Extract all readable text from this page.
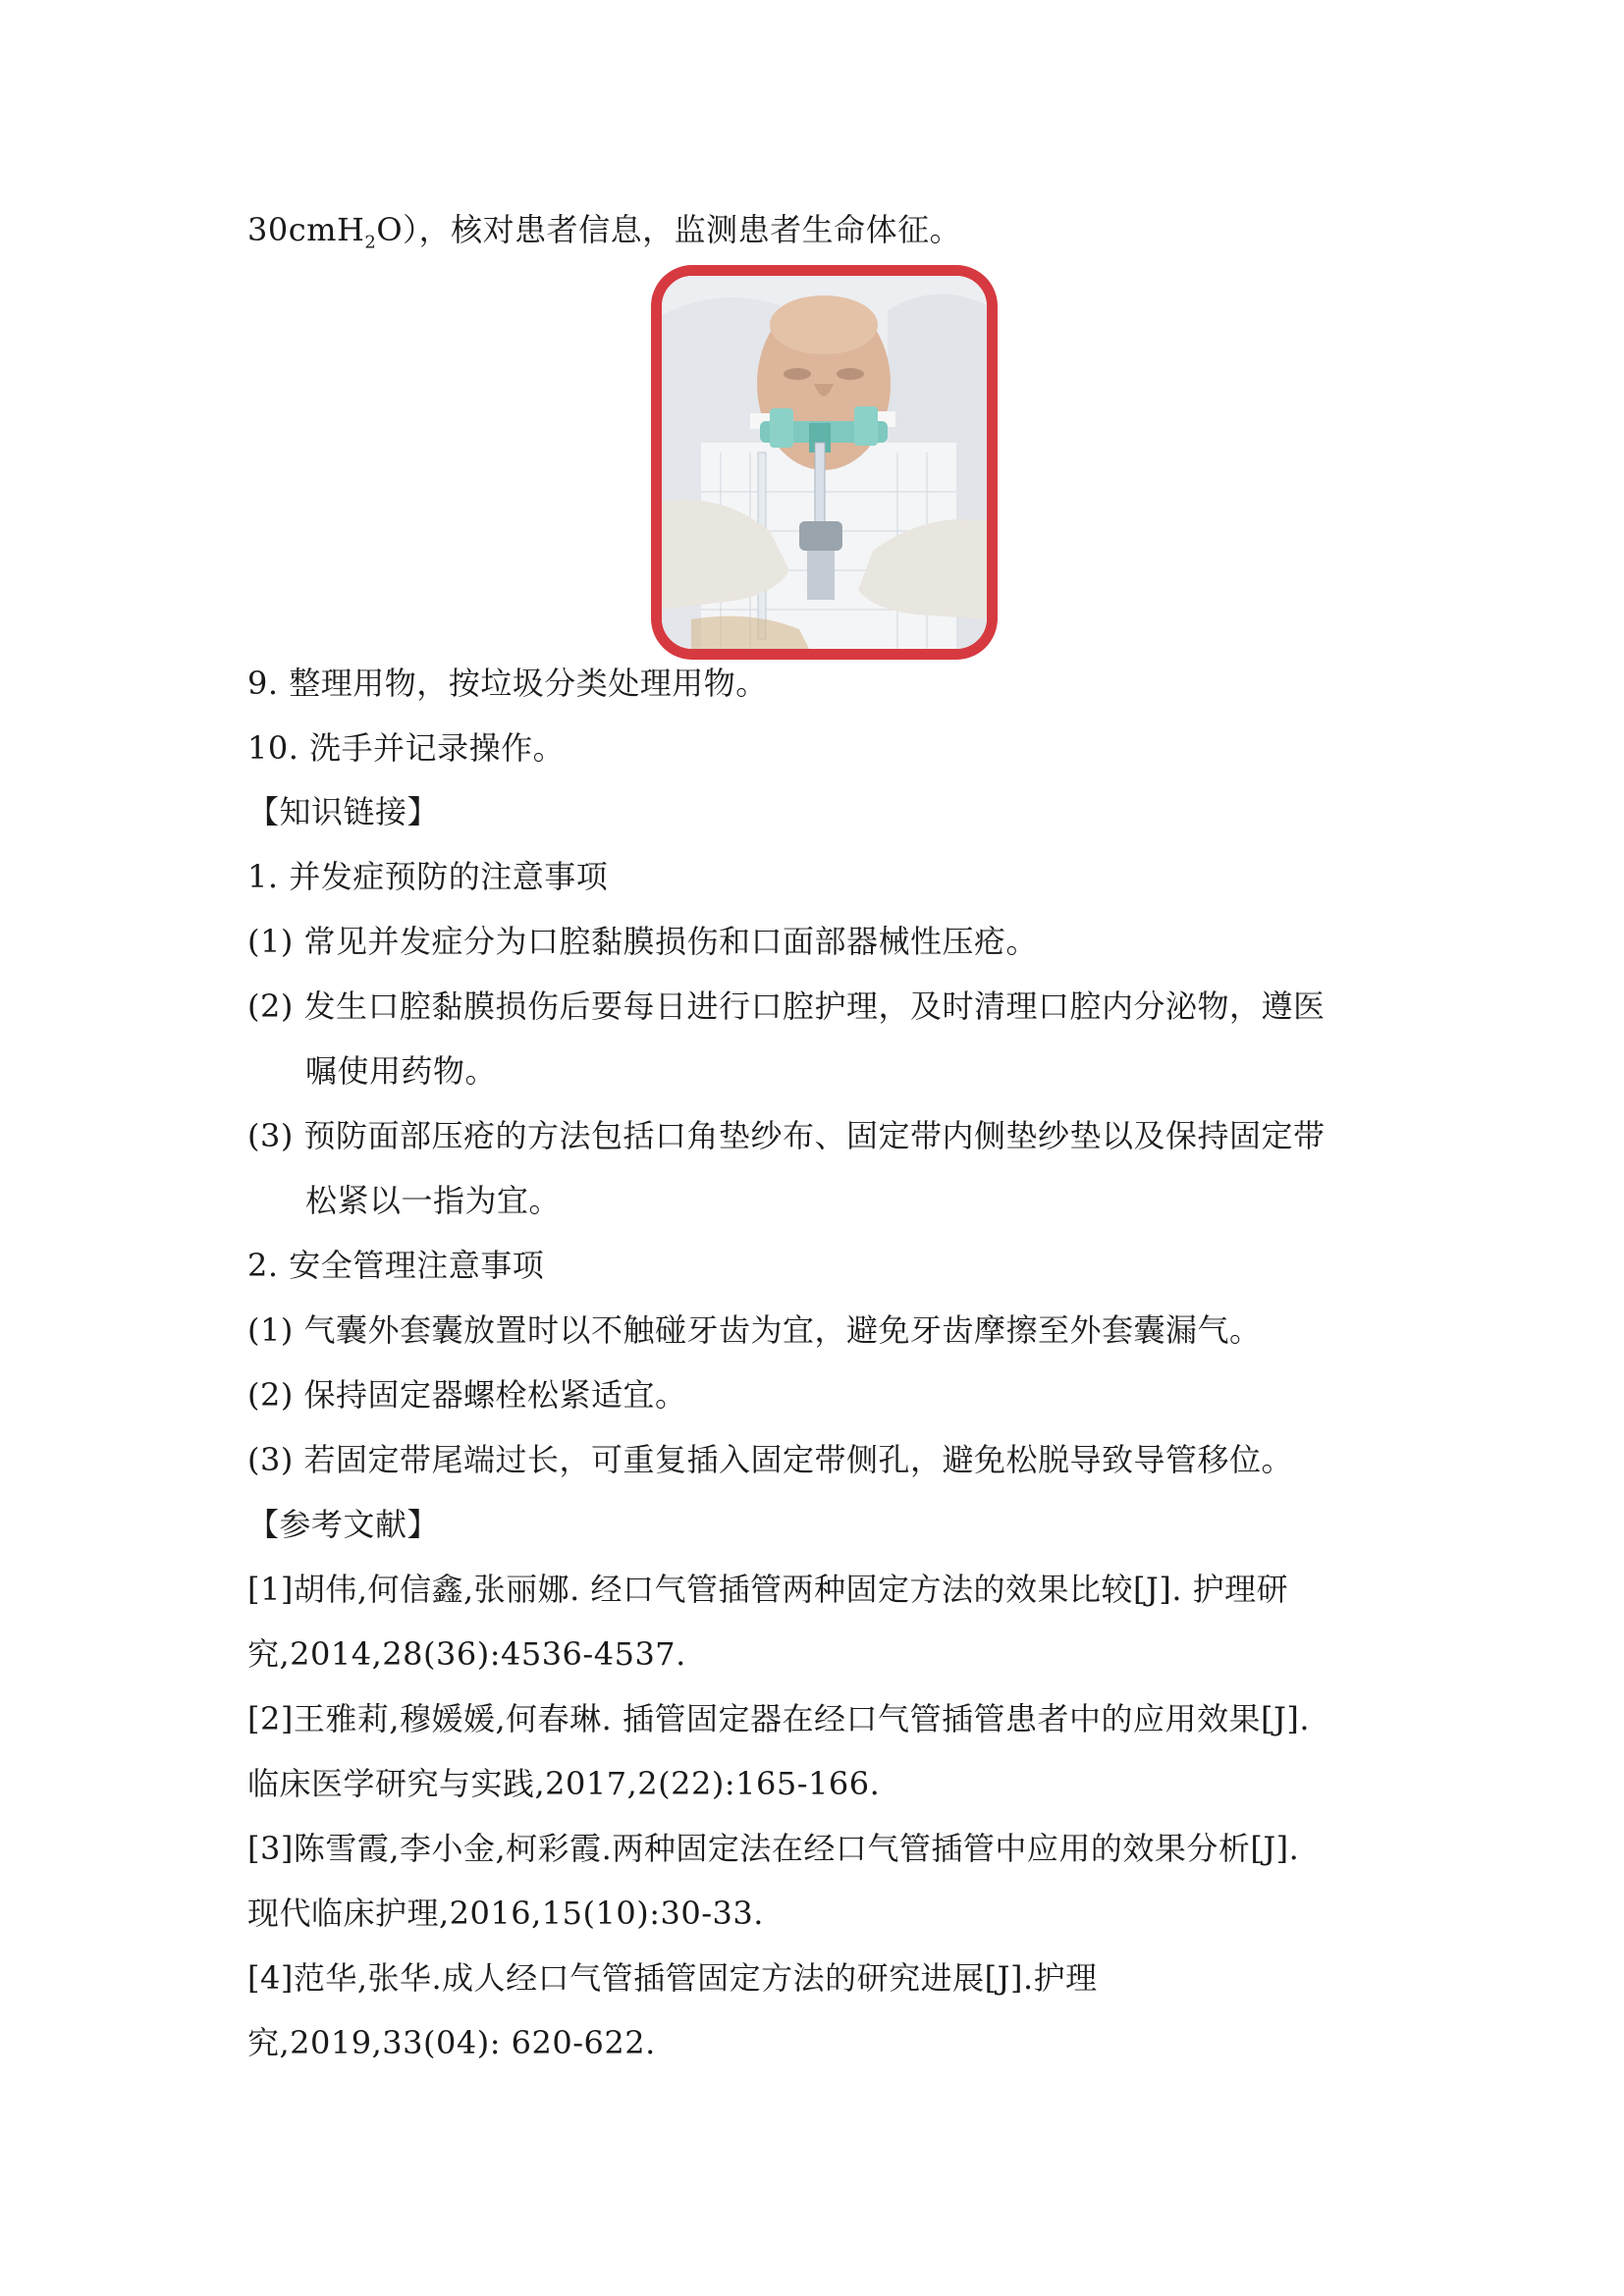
30cmH$_2$O），核对患者信息，监测患者生命体征。
9. 整理用物，按垃圾分类处理用物。
10. 洗手并记录操作。
【知识链接】
1. 并发症预防的注意事项
(1) 常见并发症分为口腔黏膜损伤和口面部器械性压疮。
(2) 发生口腔黏膜损伤后要每日进行口腔护理，及时清理口腔内分泌物，遵医
嘱使用药物。
(3) 预防面部压疮的方法包括口角垫纱布、固定带内侧垫纱垫以及保持固定带
松紧以一指为宜。
2. 安全管理注意事项
(1) 气囊外套囊放置时以不触碰牙齿为宜，避免牙齿摩擦至外套囊漏气。
(2) 保持固定器螺栓松紧适宜。
(3) 若固定带尾端过长，可重复插入固定带侧孔，避免松脱导致导管移位。
【参考文献】
[1]胡伟,何信鑫,张丽娜. 经口气管插管两种固定方法的效果比较[J]. 护理研
究,2014,28(36):4536-4537.
[2]王雅莉,穆媛媛,何春琳. 插管固定器在经口气管插管患者中的应用效果[J].
临床医学研究与实践,2017,2(22):165-166.
[3]陈雪霞,李小金,柯彩霞.两种固定法在经口气管插管中应用的效果分析[J].
现代临床护理,2016,15(10):30-33.
[4]范华,张华.成人经口气管插管固定方法的研究进展[J].护理
究,2019,33(04): 620-622.
